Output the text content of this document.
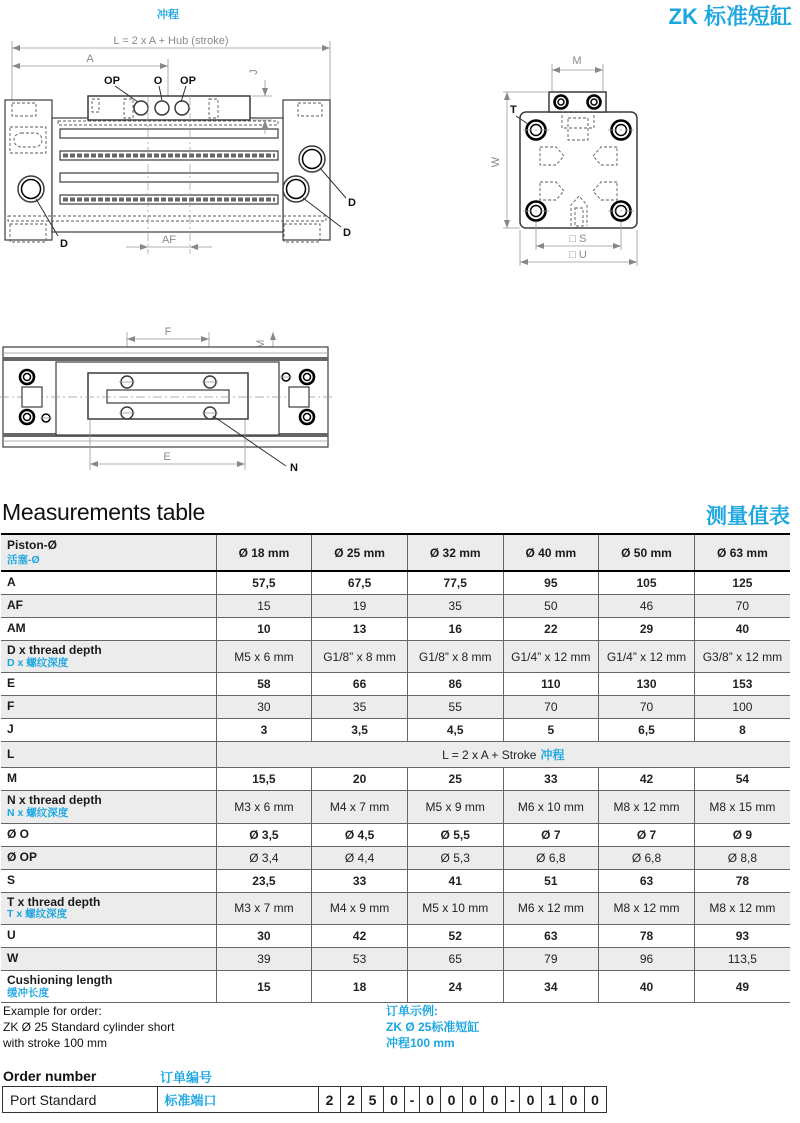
ZK 标准短缸
冲程
L = 2 x A + Hub (stroke)
A
OP	O OP
J
D
D
D
AF
M
T
W
□ S
□ U
F
E
N
Measurements table	测量值表
Piston-Ø
活塞-Ø	Ø 18 mm	Ø 25 mm	Ø 32 mm	Ø 40 mm	Ø 50 mm	Ø 63 mm
A	57,5	67,5	77,5	95	105	125
AF	15	19	35	50	46	70
AM	10	13	16	22	29	40
D x thread depth
D x 螺纹深度	M5 x 6 mm	G1/8” x 8 mm	G1/8” x 8 mm	G1/4” x 12 mm	G1/4” x 12 mm	G3/8” x 12 mm
E	58	66	86	110	130	153
F	30	35	55	70	70	100
J	3	3,5	4,5	5	6,5	8
L	L = 2 x A + Stroke 冲程					
M	15,5	20	25	33	42	54
N x thread depth
N x 螺纹深度	M3 x 6 mm	M4 x 7 mm	M5 x 9 mm	M6 x 10 mm	M8 x 12 mm	M8 x 15 mm
Ø O	Ø 3,5	Ø 4,5	Ø 5,5	Ø 7	Ø 7	Ø 9
Ø OP	Ø 3,4	Ø 4,4	Ø 5,3	Ø 6,8	Ø 6,8	Ø 8,8
S	23,5	33	41	51	63	78
T x thread depth
T x 螺纹深度	M3 x 7 mm	M4 x 9 mm	M5 x 10 mm	M6 x 12 mm	M8 x 12 mm	M8 x 12 mm
U	30	42	52	63	78	93
W	39	53	65	79	96	113,5
Cushioning length
缓冲长度	15	18	24	34	40	49
Example for order:
ZK Ø 25 Standard cylinder short
with stroke 100 mm
订单示例:
ZK Ø 25标准短缸
冲程100 mm
Order number	订单编号
Port Standard	标准端口	2 2 5 0 - 0 0 0 0 - 0 1 0 0
